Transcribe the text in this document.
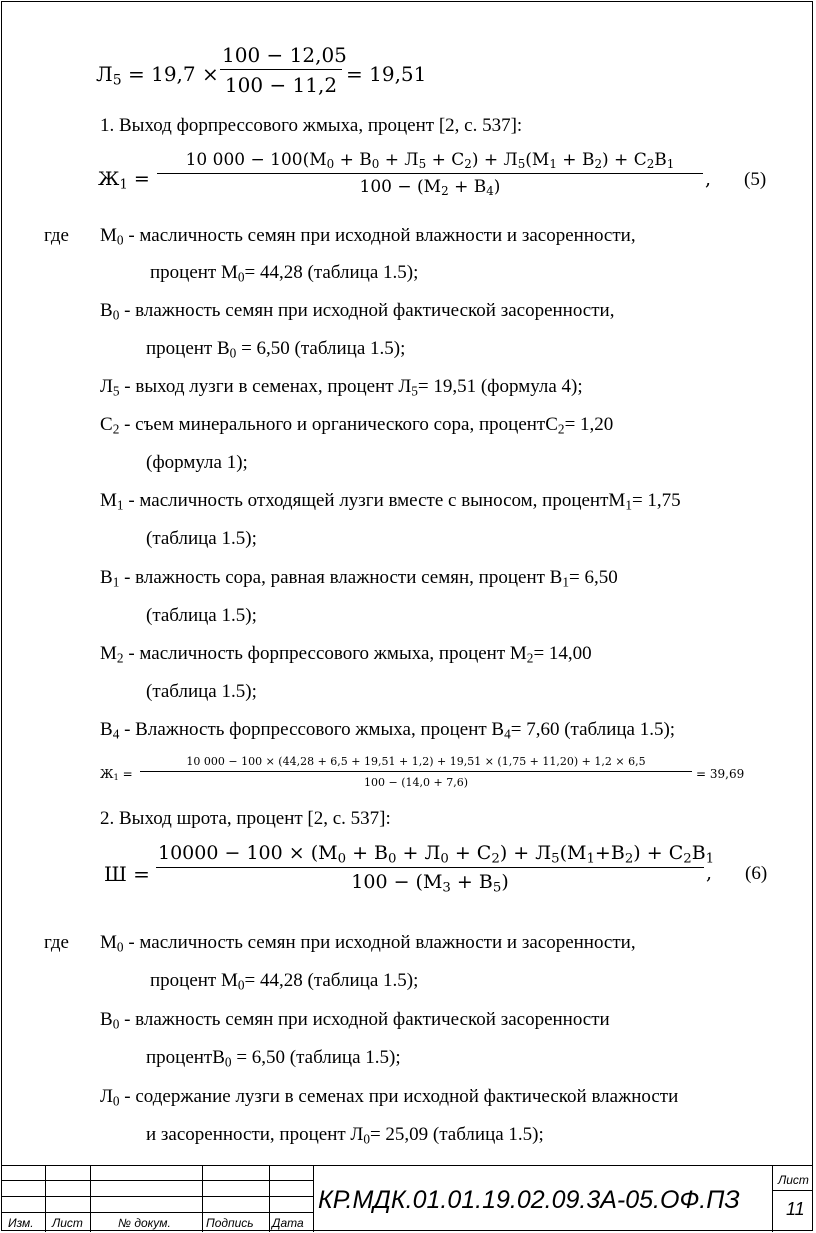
$Л_5 = 19,7 \times \frac{100 - 12,05}{100 - 11,2} = 19,51$
1. Выход форпрессового жмыха, процент [2, с. 537]:
$Ж_1$ =
10 $000 - 100(М_0 + В_0 + Л_5 + С_2) + Л_5(М_1 + В_2) + С_2В_1$
$100 - (М_2 + В_4)$	, (5)
где $М_0$ - масличность семян при исходной влажности и засоренности,
процент $М_0= 44,28$ (таблица 1.5);
$В_0$ - влажность семян при исходной фактической засоренности,
процент $В_0 = 6,50$ (таблица 1.5);
$Л_5$ - выход лузги в семенах, процент $Л_5= 19,51$ (формула 4);
$С_2$ - съем минерального и органического сора, процентС$_2$= 1,20
(формула 1);
$М_1$ - масличность отходящей лузги вместе с выносом, процентМ$_1$= 1,75
(таблица 1.5);
$В_1$ - влажность сора, равная влажности семян, процент $В_1= 6,50$
(таблица 1.5);
$М_2$ - масличность форпрессового жмыха, процент $М_2= 14,00$
(таблица 1.5);
$В_4$ - Влажность форпрессового жмыха, процент $В_4= 7,60$ (таблица 1.5);
$Ж_1$ =
10 000 − 100 × (44,28 + 6,5 + 19,51 + 1,2) + 19,51 × (1,75 + 11,20) + 1,2 × 6,5
100 − (14,0 + 7,6)
= 39,69
2. Выход шрота, процент [2, с. 537]:
Ш =
$10000 - 100 \times (М_0 + В_0 + Л_0 + С_2) + Л_5(М_1+В_2) + С_2В_1$
$100 - (М_3 + В_5)$	, (6)
где $М_0$ - масличность семян при исходной влажности и засоренности,
процент $М_0= 44,28$ (таблица 1.5);
$В_0$ - влажность семян при исходной фактической засоренности
процентВ$_0$ = 6,50 (таблица 1.5);
$Л_0$ - содержание лузги в семенах при исходной фактической влажности
и засоренности, процент $Л_0= 25,09$ (таблица 1.5);
Изм. Лист	№ докум.	Подпись Дата
КР.МДК.01.01.19.02.09.3А-05.ОФ.ПЗ
Лист
11
